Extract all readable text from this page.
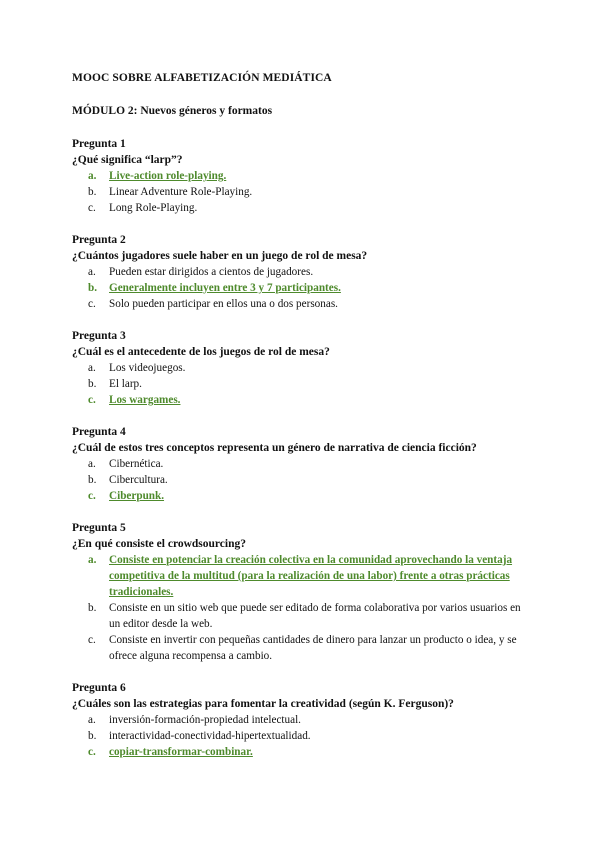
MOOC SOBRE ALFABETIZACIÓN MEDIÁTICA
MÓDULO 2: Nuevos géneros y formatos
Pregunta 1
¿Qué significa “larp”?
a.	Live-action role-playing.
b.	Linear Adventure Role-Playing.
c.	Long Role-Playing.
Pregunta 2
¿Cuántos jugadores suele haber en un juego de rol de mesa?
a.	Pueden estar dirigidos a cientos de jugadores.
b.	Generalmente incluyen entre 3 y 7 participantes.
c.	Solo pueden participar en ellos una o dos personas.
Pregunta 3
¿Cuál es el antecedente de los juegos de rol de mesa?
a.	Los videojuegos.
b.	El larp.
c.	Los wargames.
Pregunta 4
¿Cuál de estos tres conceptos representa un género de narrativa de ciencia ficción?
a.	Cibernética.
b.	Cibercultura.
c.	Ciberpunk.
Pregunta 5
¿En qué consiste el crowdsourcing?
a.	Consiste en potenciar la creación colectiva en la comunidad aprovechando la ventaja competitiva de la multitud (para la realización de una labor) frente a otras prácticas tradicionales.
b.	Consiste en un sitio web que puede ser editado de forma colaborativa por varios usuarios en un editor desde la web.
c.	Consiste en invertir con pequeñas cantidades de dinero para lanzar un producto o idea, y se ofrece alguna recompensa a cambio.
Pregunta 6
¿Cuáles son las estrategias para fomentar la creatividad (según K. Ferguson)?
a.	inversión-formación-propiedad intelectual.
b.	interactividad-conectividad-hipertextualidad.
c.	copiar-transformar-combinar.
